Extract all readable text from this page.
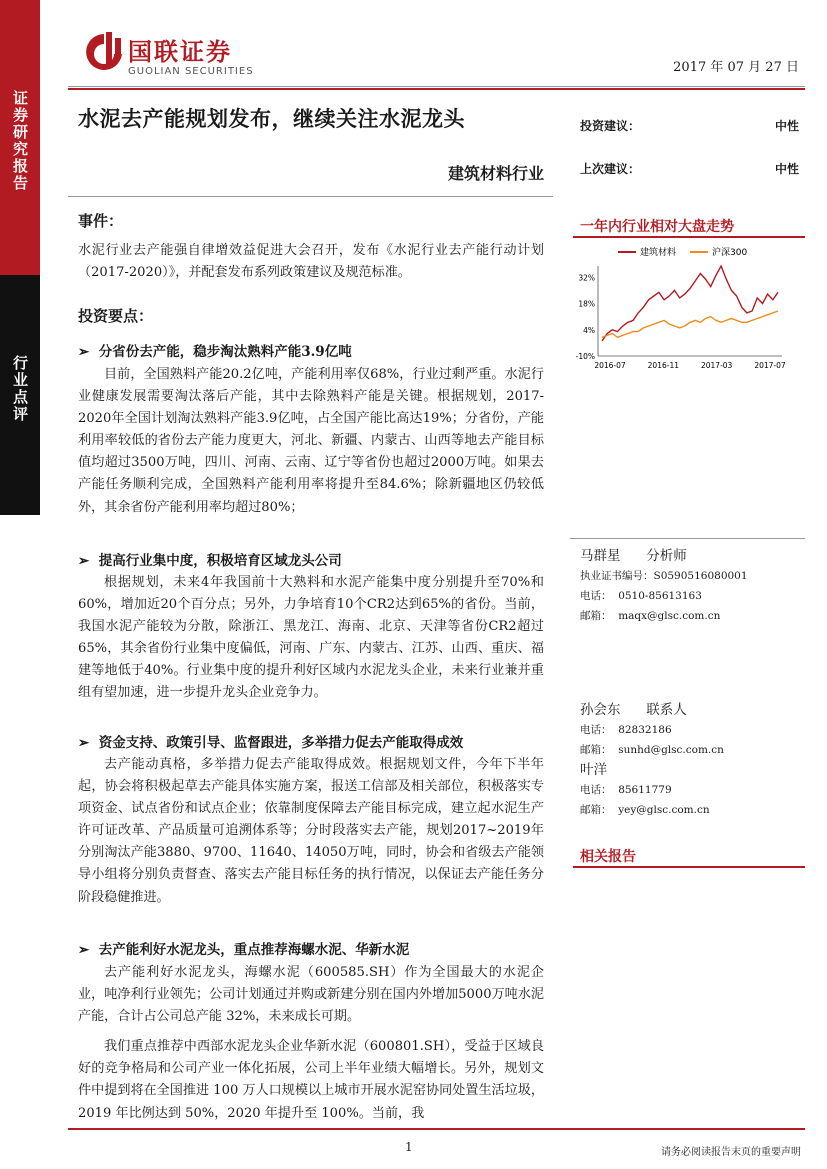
证券研究报告
行业点评
国联证券
GUOLIAN SECURITIES	2017 年 07 月 27 日
水泥去产能规划发布，继续关注水泥龙头
建筑材料行业
投资建议：	中性
上次建议：	中性
事件：

水泥行业去产能强自律增效益促进大会召开，发布《水泥行业去产能行动计划（2017-2020）》，并配套发布系列政策建议及规范标准。

投资要点：
➢ 分省份去产能，稳步淘汰熟料产能3.9亿吨

目前，全国熟料产能20.2亿吨，产能利用率仅68%，行业过剩严重。水泥行业健康发展需要淘汰落后产能，其中去除熟料产能是关键。根据规划，2017-2020年全国计划淘汰熟料产能3.9亿吨，占全国产能比高达19%；分省份，产能利用率较低的省份去产能力度更大，河北、新疆、内蒙古、山西等地去产能目标值均超过3500万吨，四川、河南、云南、辽宁等省份也超过2000万吨。如果去产能任务顺利完成，全国熟料产能利用率将提升至84.6%；除新疆地区仍较低外，其余省份产能利用率均超过80%；

➢ 提高行业集中度，积极培育区域龙头公司

根据规划，未来4年我国前十大熟料和水泥产能集中度分别提升至70%和60%，增加近20个百分点；另外，力争培育10个CR2达到65%的省份。当前，我国水泥产能较为分散，除浙江、黑龙江、海南、北京、天津等省份CR2超过65%，其余省份行业集中度偏低，河南、广东、内蒙古、江苏、山西、重庆、福建等地低于40%。行业集中度的提升利好区域内水泥龙头企业，未来行业兼并重组有望加速，进一步提升龙头企业竞争力。

➢ 资金支持、政策引导、监督跟进，多举措力促去产能取得成效

去产能动真格，多举措力促去产能取得成效。根据规划文件，今年下半年起，协会将积极起草去产能具体实施方案，报送工信部及相关部位，积极落实专项资金、试点省份和试点企业；依靠制度保障去产能目标完成，建立起水泥生产许可证改革、产品质量可追溯体系等；分时段落实去产能，规划2017~2019年分别淘汰产能3880、9700、11640、14050万吨，同时，协会和省级去产能领导小组将分别负责督查、落实去产能目标任务的执行情况，以保证去产能任务分阶段稳健推进。

➢ 去产能利好水泥龙头，重点推荐海螺水泥、华新水泥

去产能利好水泥龙头，海螺水泥（600585.SH）作为全国最大的水泥企业，吨净利行业领先；公司计划通过并购或新建分别在国内外增加5000万吨水泥产能，合计占公司总产能 32%，未来成长可期。

我们重点推荐中西部水泥龙头企业华新水泥（600801.SH），受益于区域良好的竞争格局和公司产业一体化拓展，公司上半年业绩大幅增长。另外，规划文件中提到将在全国推进 100 万人口规模以上城市开展水泥窑协同处置生活垃圾，2019 年比例达到 50%，2020 年提升至 100%。当前，我

一年内行业相对大盘走势
建筑材料	沪深300
32%
18%
4%
-10%
2016-07	2016-11	2017-03	2017-07
马群星 分析师
执业证书编号：S0590516080001
电话： 0510-85613163
邮箱： maqx@glsc.com.cn
孙会东 联系人
电话： 82832186
邮箱： sunhd@glsc.com.cn
叶洋
电话： 85611779
邮箱： yey@glsc.com.cn
相关报告
1	请务必阅读报告末页的重要声明
